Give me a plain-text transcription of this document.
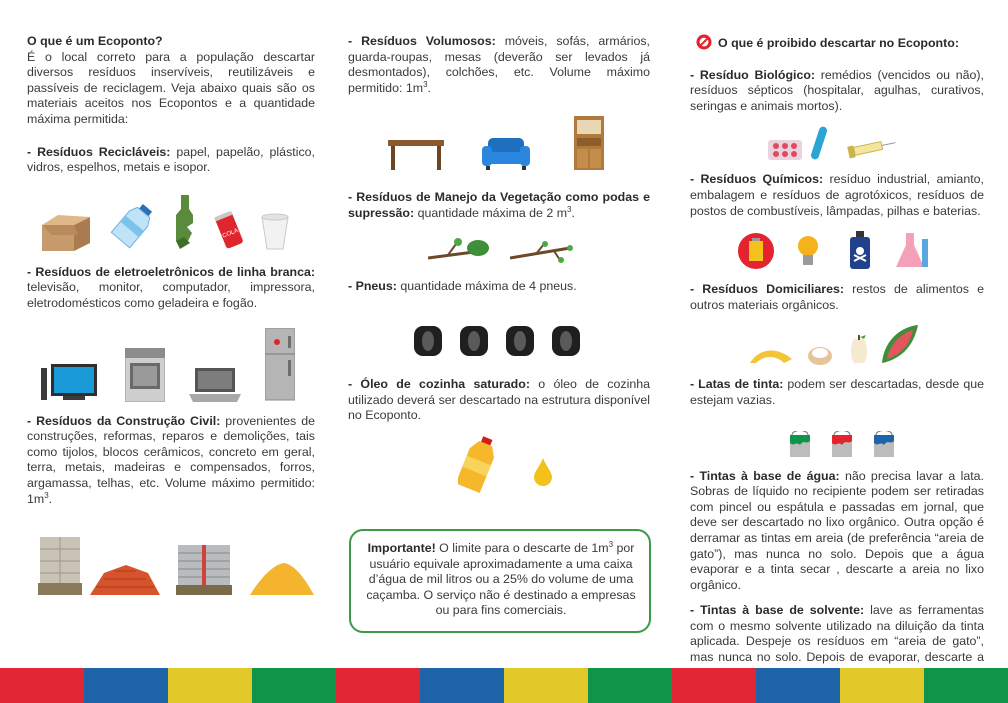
O que é um Ecoponto?
É o local correto para a população descartar diversos resíduos inservíveis, reutilizáveis e passíveis de reciclagem. Veja abaixo quais são os materiais aceitos nos Ecopontos e a quantidade máxima permitida:

- Resíduos Recicláveis: papel, papelão, plástico, vidros, espelhos, metais e isopor.

COLA

- Resíduos de eletroeletrônicos de linha branca: televisão, monitor, computador, impressora, eletrodomésticos como geladeira e fogão.

- Resíduos da Construção Civil: provenientes de construções, reformas, reparos e demolições, tais como tijolos, blocos cerâmicos, concreto em geral, terra, metais, madeiras e compensados, forros, argamassa, telhas, etc. Volume máximo permitido: $1m^3$.

- Resíduos Volumosos: móveis, sofás, armários, guarda-roupas, mesas (deverão ser levados já desmontados), colchões, etc. Volume máximo permitido: $1m^3$.

- Resíduos de Manejo da Vegetação como podas e supressão: quantidade máxima de 2 $m^3$.

- Pneus: quantidade máxima de 4 pneus.

- Óleo de cozinha saturado: o óleo de cozinha utilizado deverá ser descartado na estrutura disponível no Ecoponto.

Importante! O limite para o descarte de $1m^3$ por usuário equivale aproximadamente a uma caixa d’água de mil litros ou a 25% do volume de uma caçamba. O serviço não é destinado a empresas ou para fins comerciais.

O que é proibido descartar no Ecoponto:

- Resíduo Biológico: remédios (vencidos ou não), resíduos sépticos (hospitalar, agulhas, curativos, seringas e animais mortos).

- Resíduos Químicos: resíduo industrial, amianto, embalagem e resíduos de agrotóxicos, resíduos de postos de combustíveis, lâmpadas, pilhas e baterias.

- Resíduos Domiciliares: restos de alimentos e outros materiais orgânicos.

- Latas de tinta: podem ser descartadas, desde que estejam vazias.

- Tintas à base de água: não precisa lavar a lata. Sobras de líquido no recipiente podem ser retiradas com pincel ou espátula e passadas em jornal, que deve ser descartado no lixo orgânico. Outra opção é derramar as tintas em areia (de preferência “areia de gato”), mas nunca no solo. Depois que a água evaporar e a tinta secar , descarte a areia no lixo orgânico.

- Tintas à base de solvente: lave as ferramentas com o mesmo solvente utilizado na diluição da tinta aplicada. Despeje os resíduos em “areia de gato”, mas nunca no solo. Depois de evaporar, descarte a
